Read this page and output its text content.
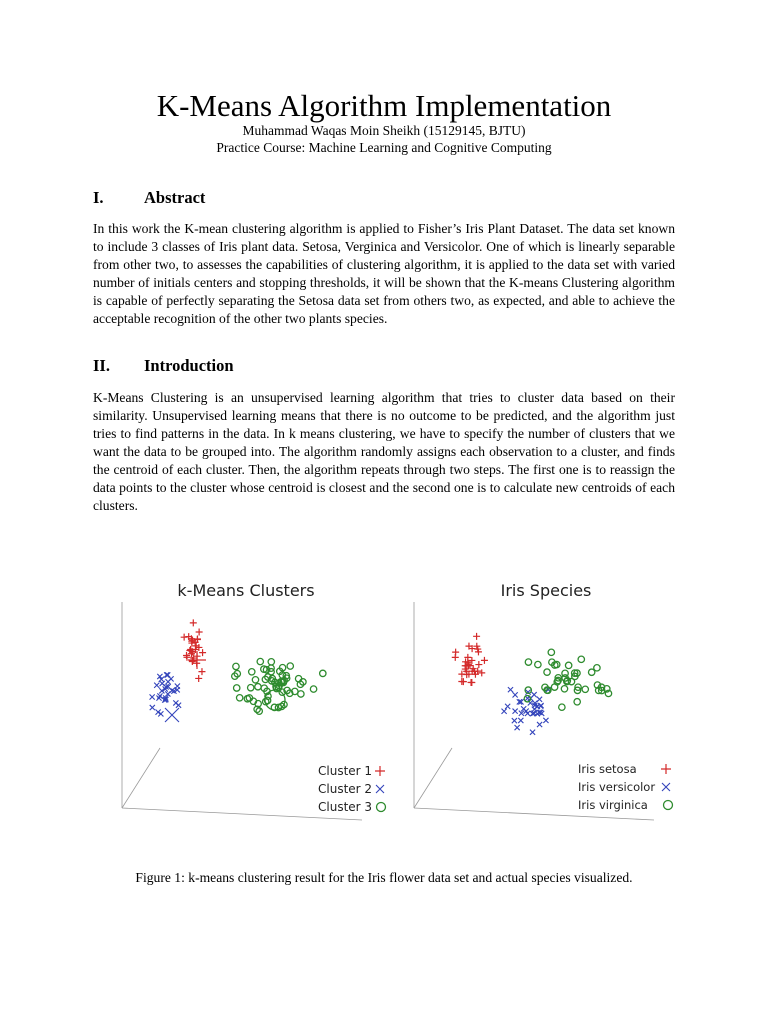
K-Means Algorithm Implementation
Muhammad Waqas Moin Sheikh (15129145, BJTU)
Practice Course: Machine Learning and Cognitive Computing
I. Abstract
In this work the K-mean clustering algorithm is applied to Fisher’s Iris Plant Dataset. The data set known to include 3 classes of Iris plant data. Setosa, Verginica and Versicolor. One of which is linearly separable from other two, to assesses the capabilities of clustering algorithm, it is applied to the data set with varied number of initials centers and stopping thresholds, it will be shown that the K-means Clustering algorithm is capable of perfectly separating the Setosa data set from others two, as expected, and able to achieve the acceptable recognition of the other two plants species.
II. Introduction
K-Means Clustering is an unsupervised learning algorithm that tries to cluster data based on their similarity. Unsupervised learning means that there is no outcome to be predicted, and the algorithm just tries to find patterns in the data. In k means clustering, we have to specify the number of clusters that we want the data to be grouped into. The algorithm randomly assigns each observation to a cluster, and finds the centroid of each cluster. Then, the algorithm repeats through two steps. The first one is to reassign the data points to the cluster whose centroid is closest and the second one is to calculate new centroids of each clusters.
k-Means Clusters
Cluster 1
Cluster 2
Cluster 3
Iris Species
Iris setosa
Iris versicolor
Iris virginica
Figure 1: k-means clustering result for the Iris flower data set and actual species visualized.
